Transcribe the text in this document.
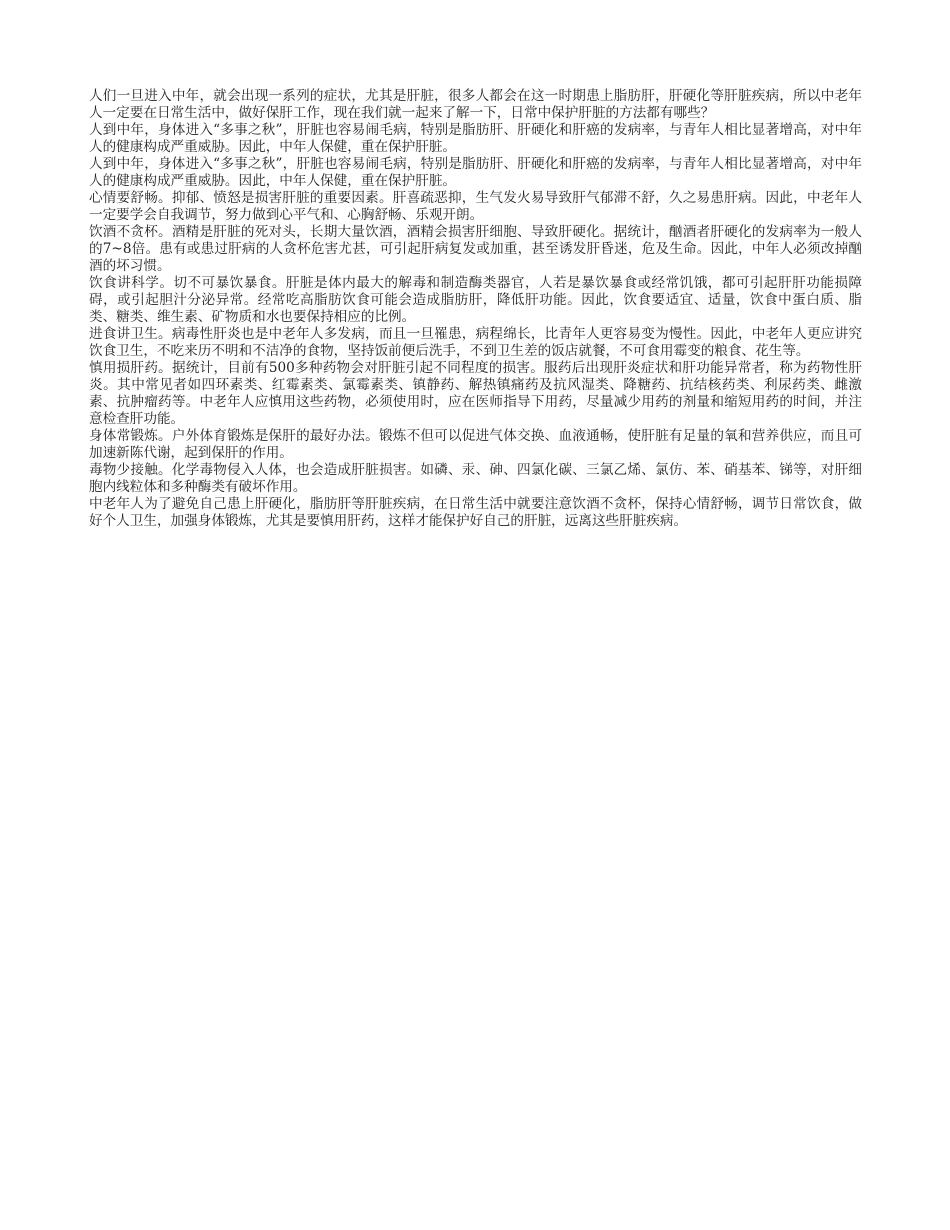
人们一旦进入中年，就会出现一系列的症状，尤其是肝脏，很多人都会在这一时期患上脂肪肝，肝硬化等肝脏疾病，所以中老年人一定要在日常生活中，做好保肝工作，现在我们就一起来了解一下，日常中保护肝脏的方法都有哪些？

人到中年，身体进入“多事之秋”，肝脏也容易闹毛病，特别是脂肪肝、肝硬化和肝癌的发病率，与青年人相比显著增高，对中年人的健康构成严重威胁。因此，中年人保健，重在保护肝脏。

人到中年，身体进入“多事之秋”，肝脏也容易闹毛病，特别是脂肪肝、肝硬化和肝癌的发病率，与青年人相比显著增高，对中年人的健康构成严重威胁。因此，中年人保健，重在保护肝脏。

心情要舒畅。抑郁、愤怒是损害肝脏的重要因素。肝喜疏恶抑，生气发火易导致肝气郁滞不舒，久之易患肝病。因此，中老年人一定要学会自我调节，努力做到心平气和、心胸舒畅、乐观开朗。

饮酒不贪杯。酒精是肝脏的死对头，长期大量饮酒，酒精会损害肝细胞、导致肝硬化。据统计，酗酒者肝硬化的发病率为一般人的7~8倍。患有或患过肝病的人贪杯危害尤甚，可引起肝病复发或加重，甚至诱发肝昏迷，危及生命。因此，中年人必须改掉酗酒的坏习惯。

饮食讲科学。切不可暴饮暴食。肝脏是体内最大的解毒和制造酶类器官，人若是暴饮暴食或经常饥饿，都可引起肝肝功能损障碍，或引起胆汁分泌异常。经常吃高脂肪饮食可能会造成脂肪肝，降低肝功能。因此，饮食要适宜、适量，饮食中蛋白质、脂类、糖类、维生素、矿物质和水也要保持相应的比例。

进食讲卫生。病毒性肝炎也是中老年人多发病，而且一旦罹患，病程绵长，比青年人更容易变为慢性。因此，中老年人更应讲究饮食卫生，不吃来历不明和不洁净的食物，坚持饭前便后洗手，不到卫生差的饭店就餐，不可食用霉变的粮食、花生等。

慎用损肝药。据统计，目前有500多种药物会对肝脏引起不同程度的损害。服药后出现肝炎症状和肝功能异常者，称为药物性肝炎。其中常见者如四环素类、红霉素类、氯霉素类、镇静药、解热镇痛药及抗风湿类、降糖药、抗结核药类、利尿药类、雌激素、抗肿瘤药等。中老年人应慎用这些药物，必须使用时，应在医师指导下用药，尽量减少用药的剂量和缩短用药的时间，并注意检查肝功能。

身体常锻炼。户外体育锻炼是保肝的最好办法。锻炼不但可以促进气体交换、血液通畅，使肝脏有足量的氧和营养供应，而且可加速新陈代谢，起到保肝的作用。

毒物少接触。化学毒物侵入人体，也会造成肝脏损害。如磷、汞、砷、四氯化碳、三氯乙烯、氯仿、苯、硝基苯、锑等，对肝细胞内线粒体和多种酶类有破坏作用。

中老年人为了避免自己患上肝硬化，脂肪肝等肝脏疾病，在日常生活中就要注意饮酒不贪杯，保持心情舒畅，调节日常饮食，做好个人卫生，加强身体锻炼，尤其是要慎用肝药，这样才能保护好自己的肝脏，远离这些肝脏疾病。
